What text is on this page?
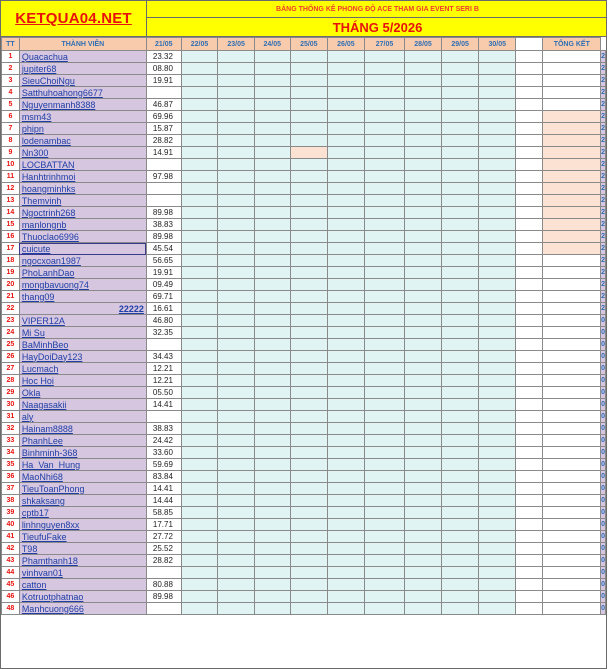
KETQUA04.NET
BẢNG THỐNG KÊ PHONG ĐỘ ACE THAM GIA EVENT SERI B
THÁNG 5/2026
TT	THÀNH VIÊN	21/05	22/05	23/05	24/05	25/05	26/05	27/05	28/05	29/05	30/05		TỔNG KẾT	
1	Quacachua	23.32												2
2	jupiter68	08.80												2
3	SieuChoiNgu	19.91												2
4	Satthuhoahong6677													2
5	Nguyenmanh8388	46.87												2
6	msm43	69.96												2
7	phipn	15.87												2
8	lodenambac	28.82												2
9	Nn300	14.91												2
10	LOCBATTAN													2
11	Hanhtrinhmoi	97.98												2
12	hoangminhks													2
13	Themvinh													2
14	Ngoctrinh268	89.98												2
15	manlongnb	38.83												2
16	Thuoclao6996	89.98												2
17	cuicute	45.54												2
18	ngocxoan1987	56.65												2
19	PhoLanhDao	19.91												2
20	mongbavuong74	09.49												2
21	thang09	69.71												2
22	22222	16.61												2
23	VIPER12A	46.80												0
24	Mi Su	32.35												0
25	BaMinhBeo													0
26	HayDoiDay123	34.43												0
27	Lucmach	12.21												0
28	Hoc Hoi	12.21												0
29	Okla	05.50												0
30	Naagasakii	14.41												0
31	aly													0
32	Hainam8888	38.83												0
33	PhanhLee	24.42												0
34	Binhminh-368	33.60												0
35	Ha_Van_Hung	59.69												0
36	MaoNhi68	83.84												0
37	TieuToanPhong	14.41												0
38	shkaksang	14.44												0
39	cptb17	58.85												0
40	linhnguyen8xx	17.71												0
41	TieufuFake	27.72												0
42	T98	25.52												0
43	Phamthanh18	28.82												0
44	vinhvan01													0
45	catton	80.88												0
46	Kotruotphatnao	89.98												0
48	Manhcuong666													0
